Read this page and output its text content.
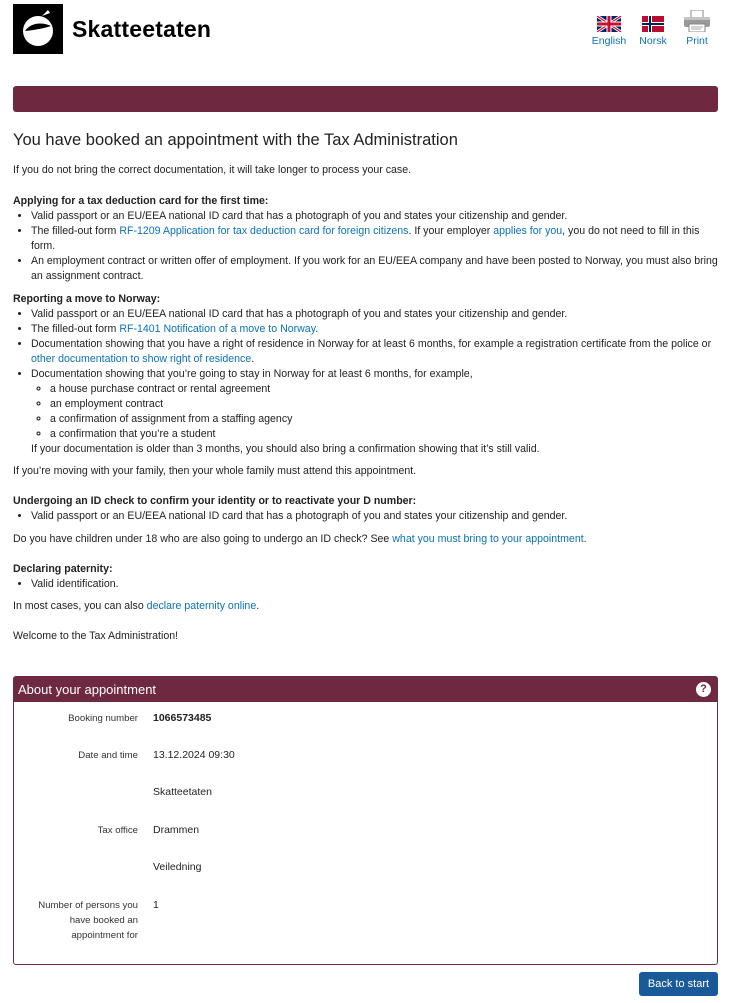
Skatteetaten	English Norsk Print
You have booked an appointment with the Tax Administration

If you do not bring the correct documentation, it will take longer to process your case.

Applying for a tax deduction card for the first time:

• Valid passport or an EU/EEA national ID card that has a photograph of you and states your citizenship and gender.
• The filled-out form RF-1209 Application for tax deduction card for foreign citizens. If your employer applies for you, you do not need to fill in this form.
• An employment contract or written offer of employment. If you work for an EU/EEA company and have been posted to Norway, you must also bring an assignment contract.

Reporting a move to Norway:

• Valid passport or an EU/EEA national ID card that has a photograph of you and states your citizenship and gender.
• The filled-out form RF-1401 Notification of a move to Norway.
• Documentation showing that you have a right of residence in Norway for at least 6 months, for example a registration certificate from the police or other documentation to show right of residence.
• Documentation showing that you’re going to stay in Norway for at least 6 months, for example,
◦ a house purchase contract or rental agreement
◦ an employment contract
◦ a confirmation of assignment from a staffing agency
◦ a confirmation that you’re a student
If your documentation is older than 3 months, you should also bring a confirmation showing that it’s still valid.

If you’re moving with your family, then your whole family must attend this appointment.

Undergoing an ID check to confirm your identity or to reactivate your D number:

• Valid passport or an EU/EEA national ID card that has a photograph of you and states your citizenship and gender.

Do you have children under 18 who are also going to undergo an ID check? See what you must bring to your appointment.

Declaring paternity:

• Valid identification.

In most cases, you can also declare paternity online.

Welcome to the Tax Administration!

About your appointment	?
Booking number 1066573485
Date and time 13.12.2024 09:30
Skatteetaten
Tax office Drammen
Veiledning
Number of persons you have booked an appointment for
1
Back to start
